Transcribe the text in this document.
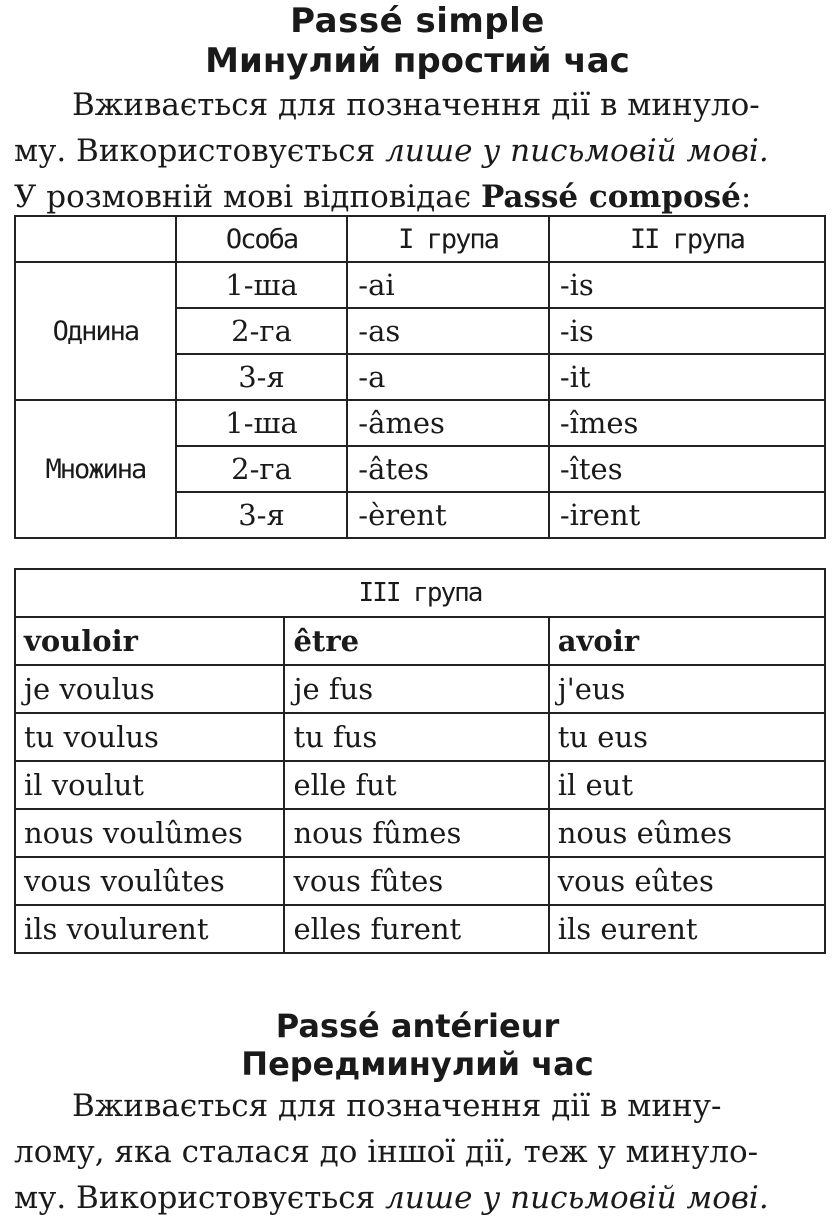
Passé simple
Минулий простий час
Вживається для позначення дії в минуло-
му. Використовується лише у письмовій мові.
У розмовній мові відповідає Passé composé:
	Особа	І група	ІІ група
Однина	1-ша	-ai	-is
	2-га	-as	-is
	3-я	-a	-it
Множина	1-ша	-âmes	-îmes
	2-га	-âtes	-îtes
	3-я	-èrent	-irent
ІІІ група		
vouloir	être	avoir
je voulus	je fus	j'eus
tu voulus	tu fus	tu eus
il voulut	elle fut	il eut
nous voulûmes	nous fûmes	nous eûmes
vous voulûtes	vous fûtes	vous eûtes
ils voulurent	elles furent	ils eurent
Passé antérieur
Передминулий час
Вживається для позначення дії в мину-
лому, яка сталася до іншої дії, теж у минуло-
му. Використовується лише у письмовій мові.
